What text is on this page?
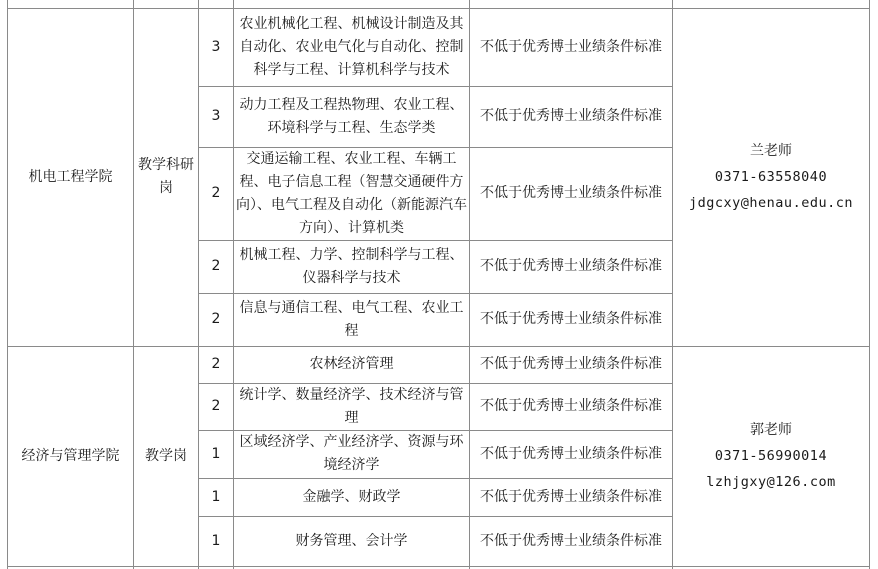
机电工程学院	教学科研岗	3	农业机械化工程、机械设计制造及其自动化、农业电气化与自动化、控制科学与工程、计算机科学与技术	不低于优秀博士业绩条件标准	兰老师
0371-63558040
jdgcxy@henau.edu.cn

		3	动力工程及工程热物理、农业工程、环境科学与工程、生态学类	不低于优秀博士业绩条件标准	
		2	交通运输工程、农业工程、车辆工程、电子信息工程（智慧交通硬件方向）、电气工程及自动化（新能源汽车方向）、计算机类	不低于优秀博士业绩条件标准	
		2	机械工程、力学、控制科学与工程、仪器科学与技术	不低于优秀博士业绩条件标准	
		2	信息与通信工程、电气工程、农业工程	不低于优秀博士业绩条件标准	
经济与管理学院	教学岗	2	农林经济管理	不低于优秀博士业绩条件标准	郭老师
0371-56990014
lzhjgxy@126.com

		2	统计学、数量经济学、技术经济与管理	不低于优秀博士业绩条件标准	
		1	区域经济学、产业经济学、资源与环境经济学	不低于优秀博士业绩条件标准	
		1	金融学、财政学	不低于优秀博士业绩条件标准	
		1	财务管理、会计学	不低于优秀博士业绩条件标准	
